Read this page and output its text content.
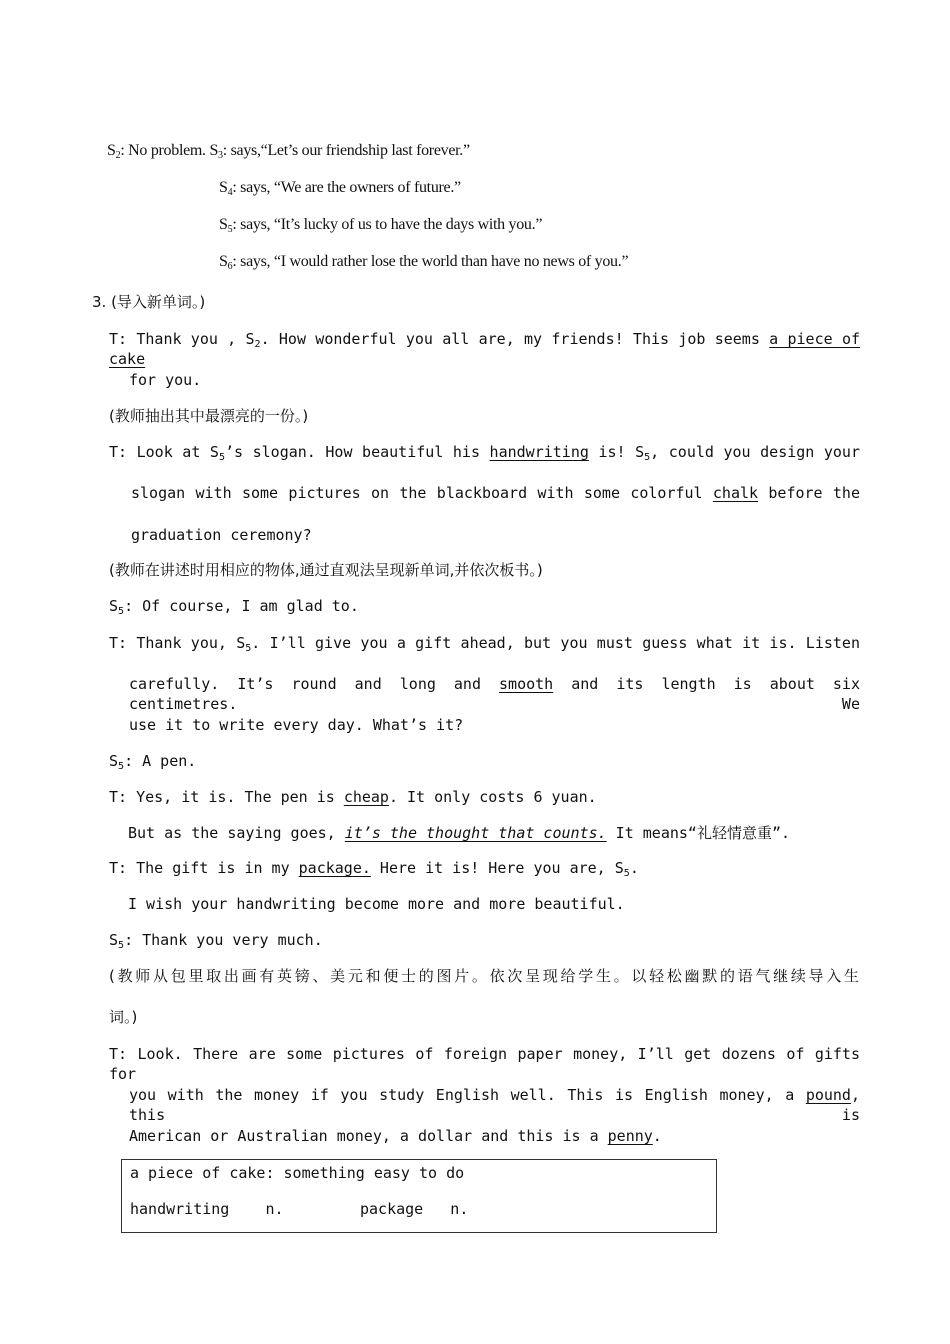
$S_2$: No problem. $S_3$: says,“Let’s our friendship last forever.”
$S_4$: says, “We are the owners of future.”
$S_5$: says, “It’s lucky of us to have the days with you.”
$S_6$: says, “I would rather lose the world than have no news of you.”
3. (导入新单词。)
T: Thank you , $S_2$. How wonderful you all are, my friends! This job seems a piece of cake
for you.
(教师抽出其中最漂亮的一份。)
T: Look at $S_5’s$ slogan. How beautiful his handwriting is! $S_5$, could you design your
slogan with some pictures on the blackboard with some colorful chalk before the
graduation ceremony?
(教师在讲述时用相应的物体,通过直观法呈现新单词,并依次板书。)
$S_5$: Of course, I am glad to.
T: Thank you, $S_5$. I’ll give you a gift ahead, but you must guess what it is. Listen
carefully. It’s round and long and smooth and its length is about six centimetres. We
use it to write every day. What’s it?
$S_5$: A pen.
T: Yes, it is. The pen is cheap. It only costs 6 yuan.
But as the saying goes, it’s the thought that counts. It means“礼轻情意重”.
T: The gift is in my package. Here it is! Here you are, $S_5$.
I wish your handwriting become more and more beautiful.
$S_5$: Thank you very much.
(教师从包里取出画有英镑、美元和便士的图片。依次呈现给学生。以轻松幽默的语气继续导入生
词。)
T: Look. There are some pictures of foreign paper money, I’ll get dozens of gifts for
you with the money if you study English well. This is English money, a pound, this is
American or Australian money, a dollar and this is a penny.
a piece of cake: something easy to do
handwriting    n.	package   n.
